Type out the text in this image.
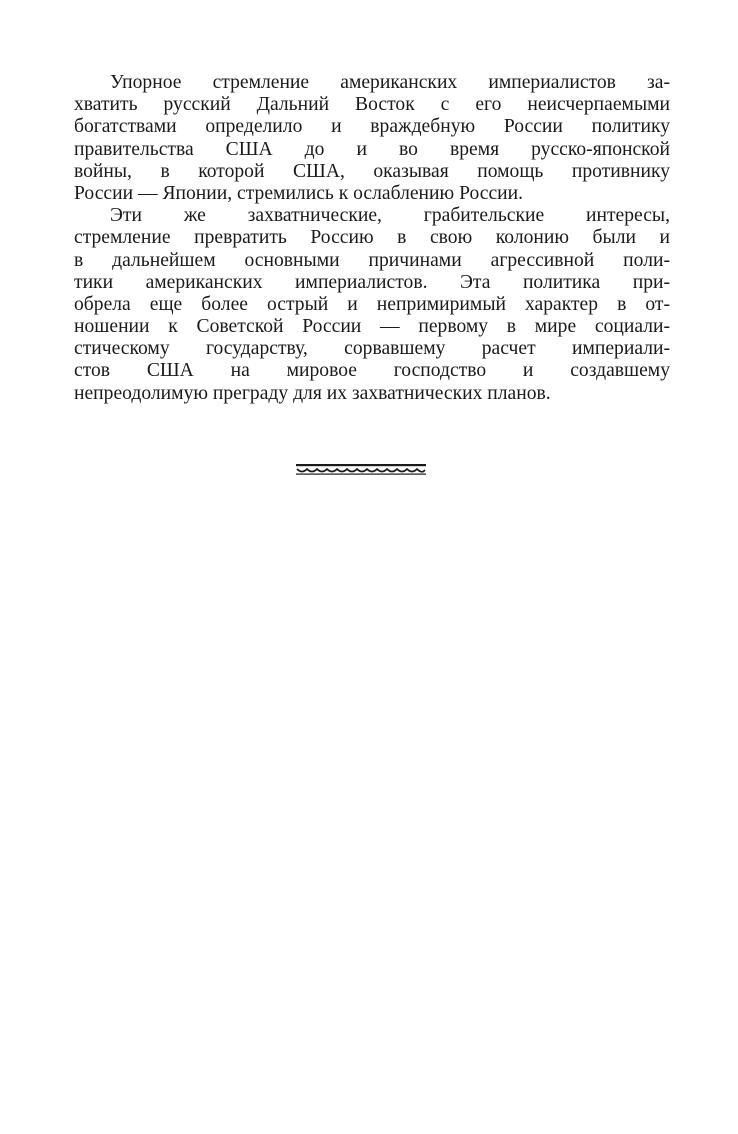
Упорное стремление американских империалистов за-
хватить русский Дальний Восток с его неисчерпаемыми
богатствами определило и враждебную России политику
правительства США до и во время русско-японской
войны, в которой США, оказывая помощь противнику
России — Японии, стремились к ослаблению России.
Эти же захватнические, грабительские интересы,
стремление превратить Россию в свою колонию были и
в дальнейшем основными причинами агрессивной поли-
тики американских империалистов. Эта политика при-
обрела еще более острый и непримиримый характер в от-
ношении к Советской России — первому в мире социали-
стическому государству, сорвавшему расчет империали-
стов США на мировое господство и создавшему
непреодолимую преграду для их захватнических планов.
